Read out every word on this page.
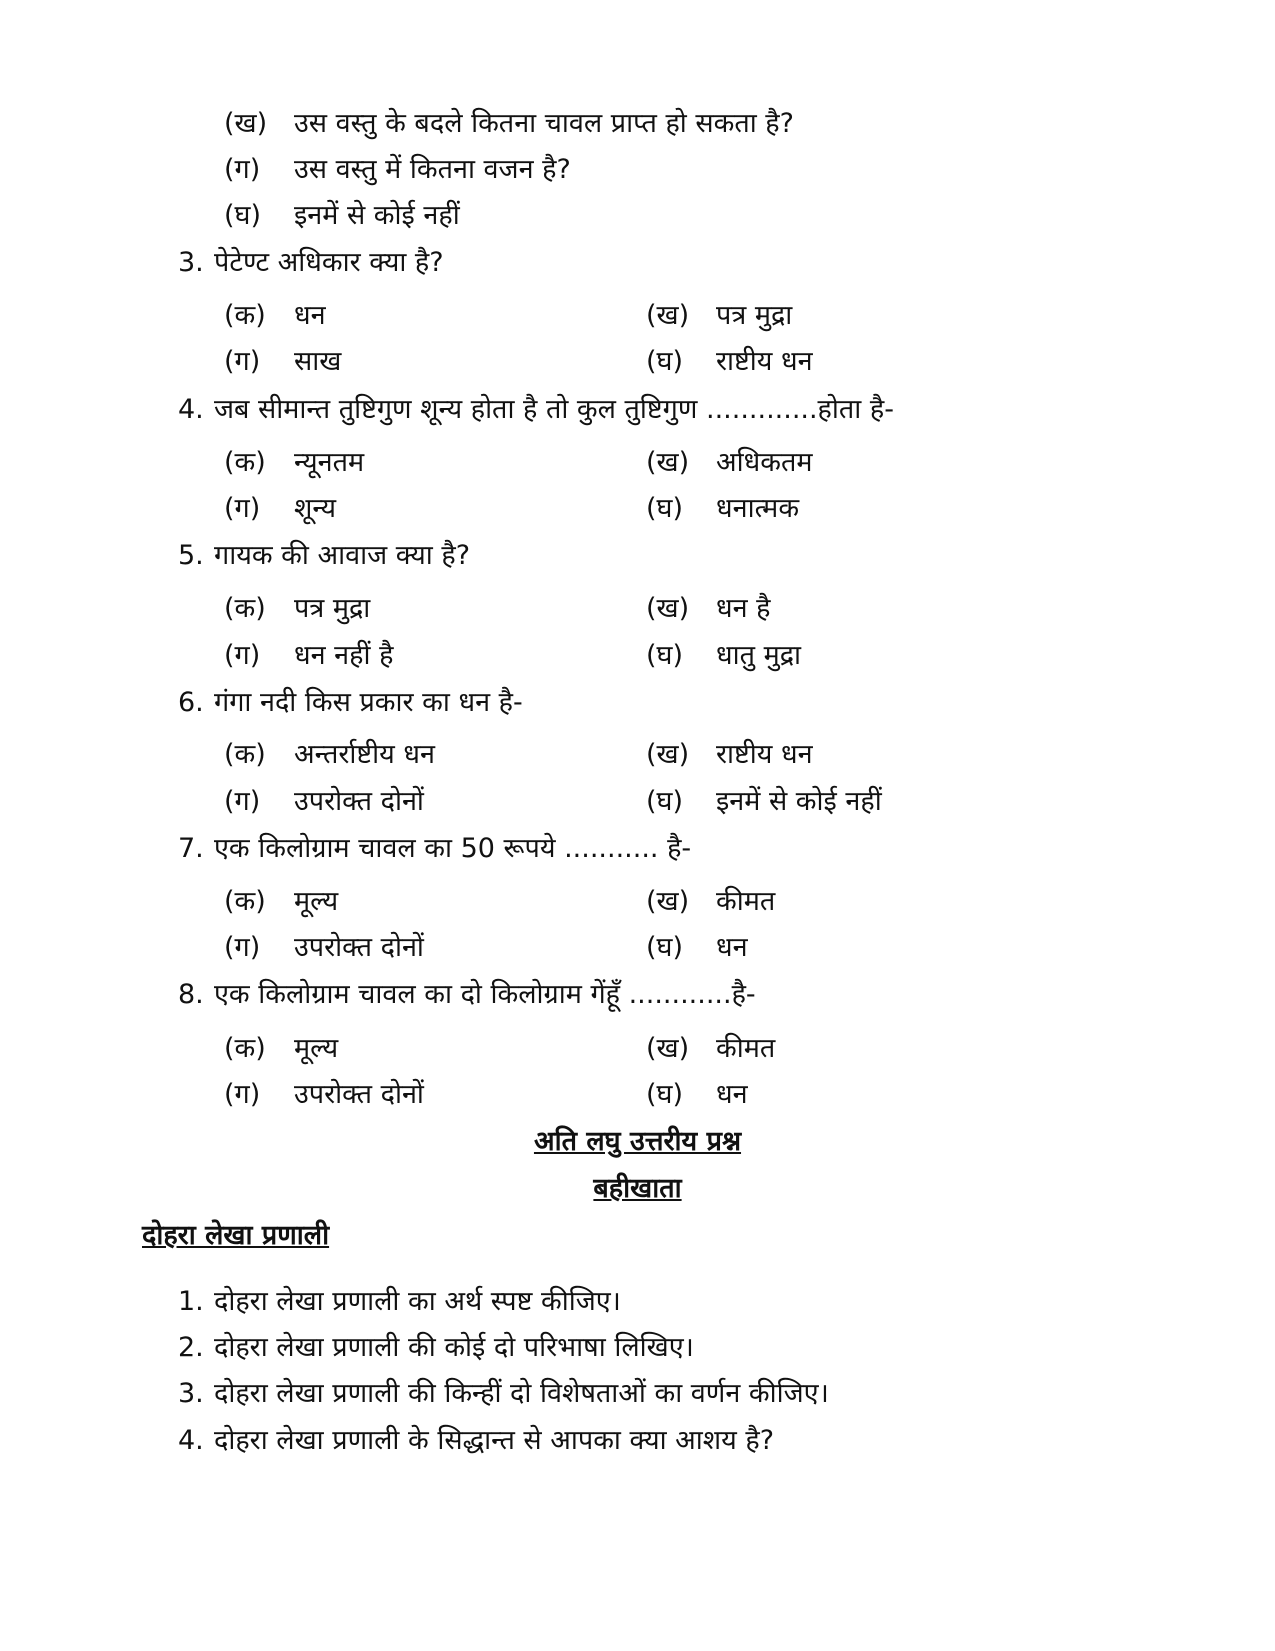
(ख) उस वस्तु के बदले कितना चावल प्राप्त हो सकता है?
(ग) उस वस्तु में कितना वजन है?
(घ) इनमें से कोई नहीं
3. पेटेण्ट अधिकार क्या है?
(क) धन	(ख) पत्र मुद्रा
(ग) साख	(घ) राष्टीय धन
4. जब सीमान्त तुष्टिगुण शून्य होता है तो कुल तुष्टिगुण .............होता है-
(क) न्यूनतम	(ख) अधिकतम
(ग) शून्य	(घ) धनात्मक
5. गायक की आवाज क्या है?
(क) पत्र मुद्रा	(ख) धन है
(ग) धन नहीं है	(घ) धातु मुद्रा
6. गंगा नदी किस प्रकार का धन है-
(क) अन्तर्राष्टीय धन	(ख) राष्टीय धन
(ग) उपरोक्त दोनों	(घ) इनमें से कोई नहीं
7. एक किलोग्राम चावल का 50 रूपये ........... है-
(क) मूल्य	(ख) कीमत
(ग) उपरोक्त दोनों	(घ) धन
8. एक किलोग्राम चावल का दो किलोग्राम गेंहूँ ............है-
(क) मूल्य	(ख) कीमत
(ग) उपरोक्त दोनों	(घ) धन
अति लघु उत्तरीय प्रश्न
बहीखाता
दोहरा लेखा प्रणाली
1. दोहरा लेखा प्रणाली का अर्थ स्पष्ट कीजिए।
2. दोहरा लेखा प्रणाली की कोई दो परिभाषा लिखिए।
3. दोहरा लेखा प्रणाली की किन्हीं दो विशेषताओं का वर्णन कीजिए।
4. दोहरा लेखा प्रणाली के सिद्धान्त से आपका क्या आशय है?
